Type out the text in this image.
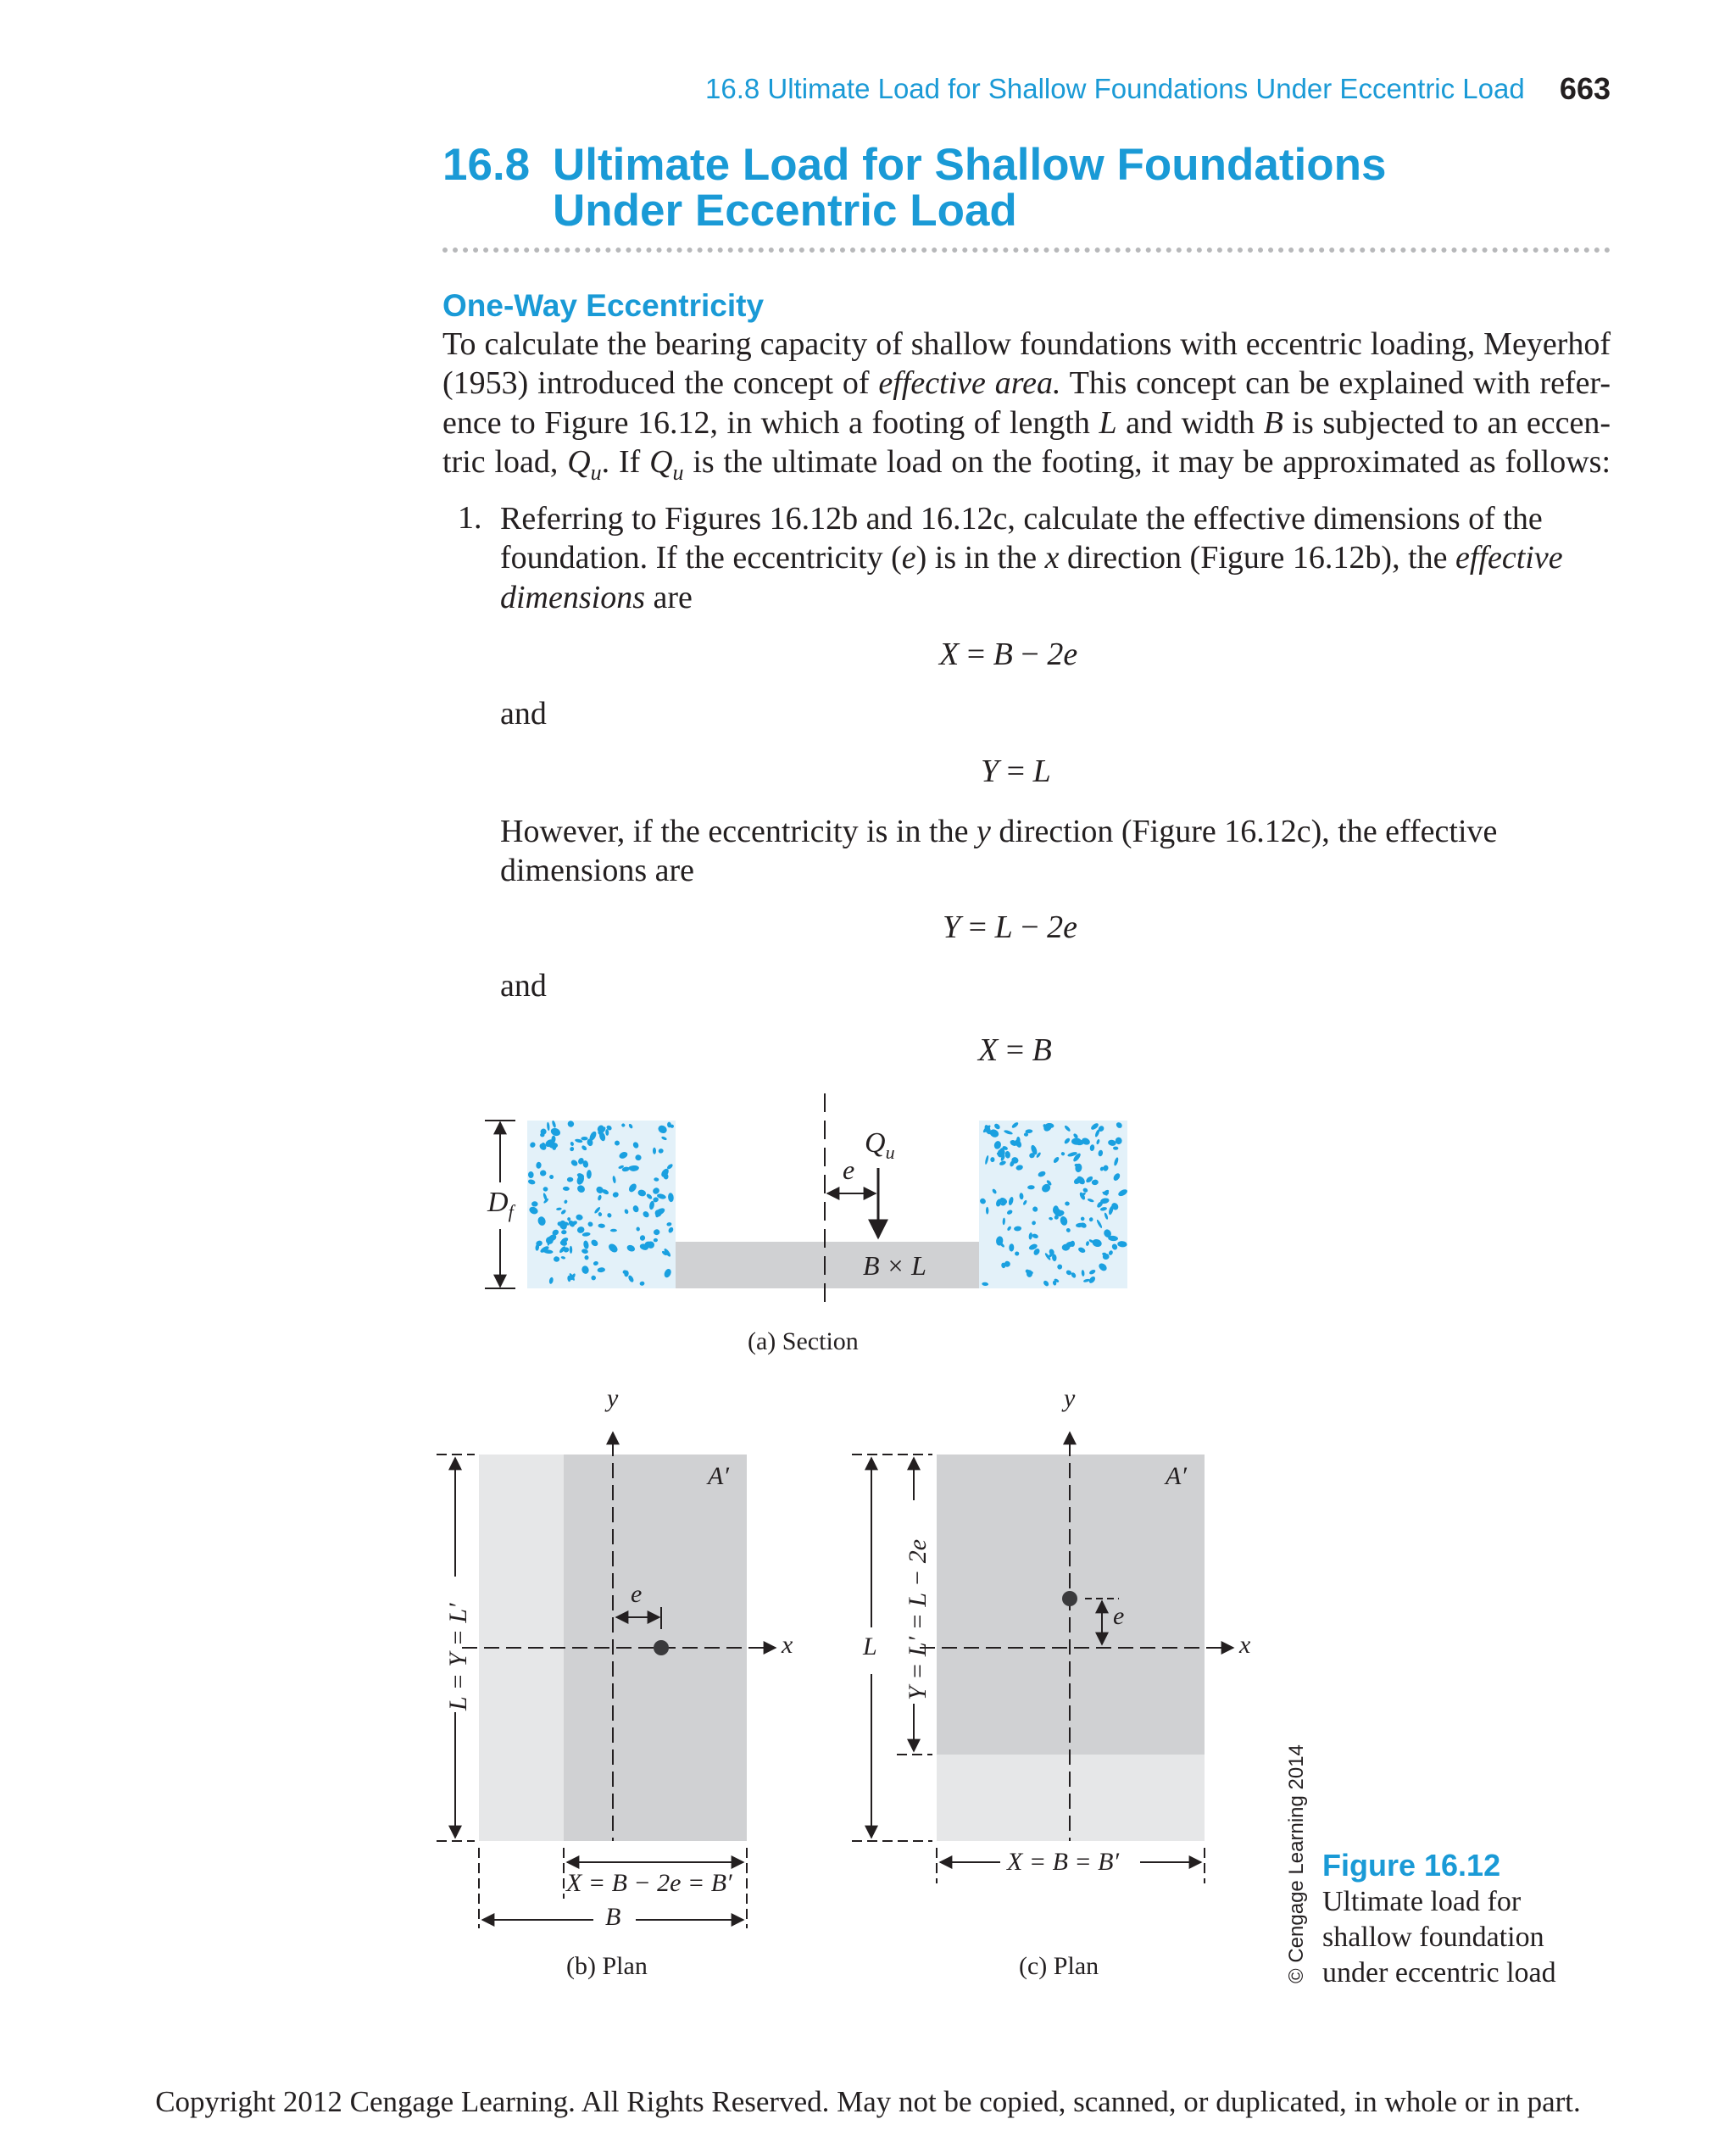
16.8 Ultimate Load for Shallow Foundations Under Eccentric Load 663
16.8 Ultimate Load for Shallow Foundations
Under Eccentric Load
One-Way Eccentricity
To calculate the bearing capacity of shallow foundations with eccentric loading, Meyerhof
(1953) introduced the concept of effective area. This concept can be explained with refer-
ence to Figure 16.12, in which a footing of length L and width B is subjected to an eccen-
tric load, $Q_u$. If $Q_u$ is the ultimate load on the footing, it may be approximated as follows:
1. Referring to Figures 16.12b and 16.12c, calculate the effective dimensions of the
foundation. If the eccentricity (e) is in the x direction (Figure 16.12b), the effective
dimensions are
X = B − 2e
and
Y = L
However, if the eccentricity is in the y direction (Figure 16.12c), the effective
dimensions are
Y = L − 2e
and
X = B
$D_f$
$Q_u$
e
B × L
(a) Section
y
x
A′
e
L = Y = L′
X = B − 2e = B′
B
(b) Plan
y
x
A′
e
L Y = L′ = L − 2e
X = B = B′
(c) Plan	© Cengage Learning 2014 Figure 16.12
Ultimate load for
shallow foundation
under eccentric load
Copyright 2012 Cengage Learning. All Rights Reserved. May not be copied, scanned, or duplicated, in whole or in part.
